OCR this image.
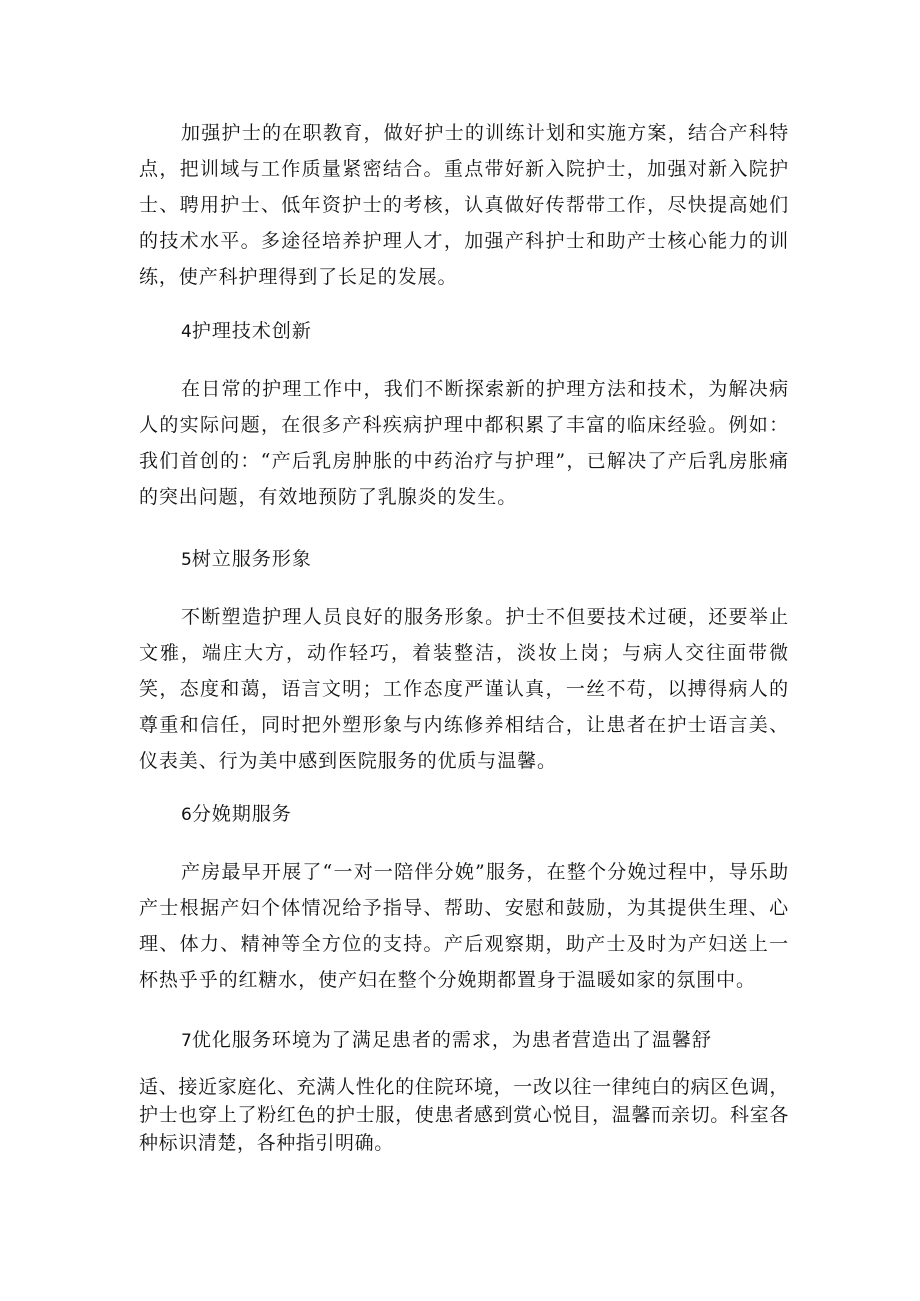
加强护士的在职教育，做好护士的训练计划和实施方案，结合产科特点，把训域与工作质量紧密结合。重点带好新入院护士，加强对新入院护士、聘用护士、低年资护士的考核，认真做好传帮带工作，尽快提高她们的技术水平。多途径培养护理人才，加强产科护士和助产士核心能力的训练，使产科护理得到了长足的发展。

4护理技术创新

在日常的护理工作中，我们不断探索新的护理方法和技术，为解决病人的实际问题，在很多产科疾病护理中都积累了丰富的临床经验。例如：我们首创的：“产后乳房肿胀的中药治疗与护理”，已解决了产后乳房胀痛的突出问题，有效地预防了乳腺炎的发生。

5树立服务形象

不断塑造护理人员良好的服务形象。护士不但要技术过硬，还要举止文雅，端庄大方，动作轻巧，着装整洁，淡妆上岗；与病人交往面带微笑，态度和蔼，语言文明；工作态度严谨认真，一丝不苟，以搏得病人的尊重和信任，同时把外塑形象与内练修养相结合，让患者在护士语言美、仪表美、行为美中感到医院服务的优质与温馨。

6分娩期服务

产房最早开展了“一对一陪伴分娩”服务，在整个分娩过程中，导乐助产士根据产妇个体情况给予指导、帮助、安慰和鼓励，为其提供生理、心理、体力、精神等全方位的支持。产后观察期，助产士及时为产妇送上一杯热乎乎的红糖水，使产妇在整个分娩期都置身于温暖如家的氛围中。

7优化服务环境为了满足患者的需求，为患者营造出了温馨舒

适、接近家庭化、充满人性化的住院环境，一改以往一律纯白的病区色调，护士也穿上了粉红色的护士服，使患者感到赏心悦目，温馨而亲切。科室各种标识清楚，各种指引明确。
